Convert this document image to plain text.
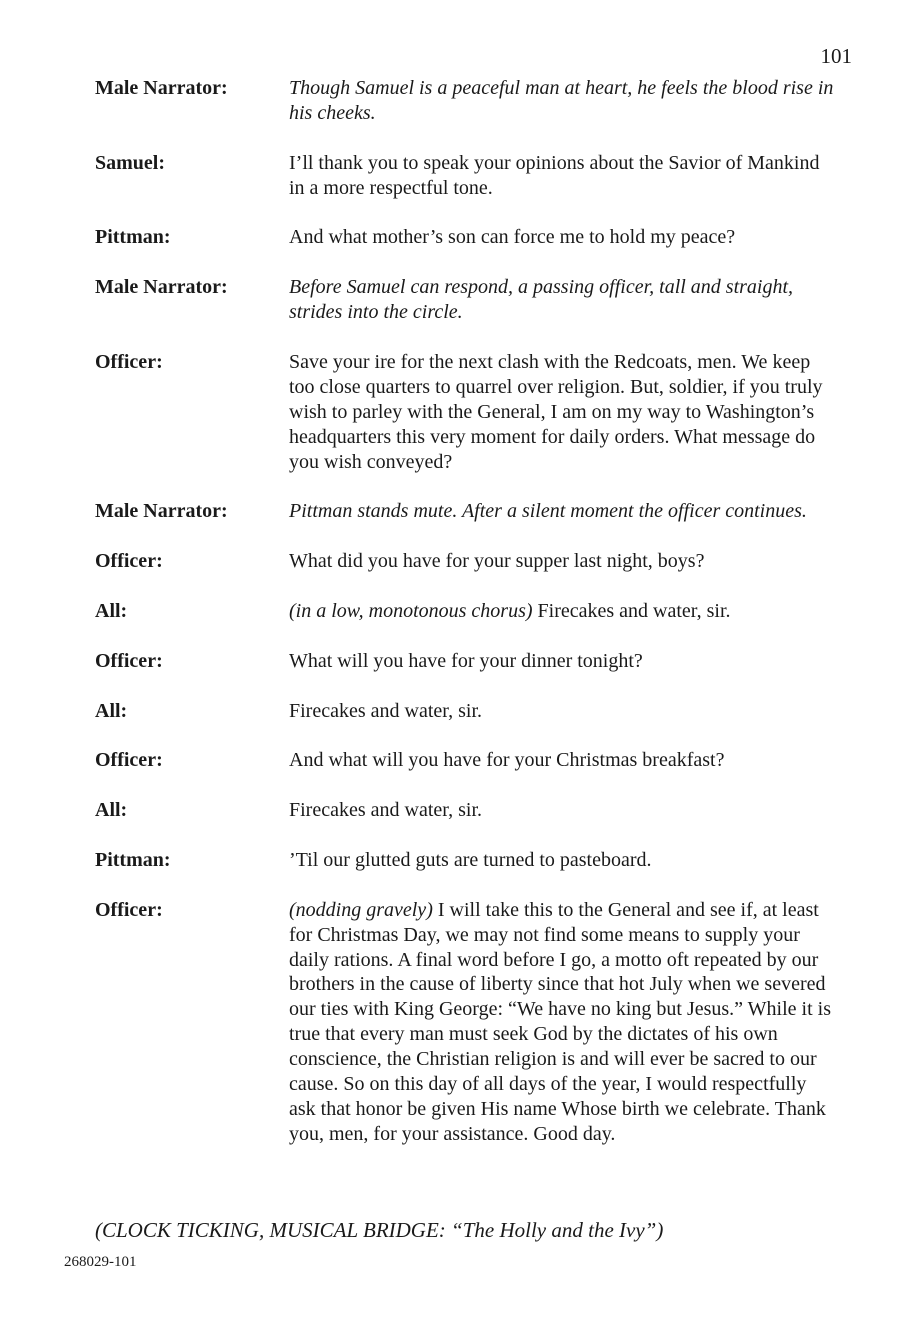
101
Male Narrator:	Though Samuel is a peaceful man at heart, he feels the blood rise in his cheeks.
Samuel:	I’ll thank you to speak your opinions about the Savior of Mankind in a more respectful tone.
Pittman:	And what mother’s son can force me to hold my peace?
Male Narrator:	Before Samuel can respond, a passing officer, tall and straight, strides into the circle.
Officer:	Save your ire for the next clash with the Redcoats, men. We keep too close quarters to quarrel over religion. But, soldier, if you truly wish to parley with the General, I am on my way to Washington’s headquarters this very moment for daily orders. What message do you wish conveyed?
Male Narrator:	Pittman stands mute. After a silent moment the officer continues.
Officer:	What did you have for your supper last night, boys?
All:	(in a low, monotonous chorus) Firecakes and water, sir.
Officer:	What will you have for your dinner tonight?
All:	Firecakes and water, sir.
Officer:	And what will you have for your Christmas breakfast?
All:	Firecakes and water, sir.
Pittman:	’Til our glutted guts are turned to pasteboard.
Officer:	(nodding gravely) I will take this to the General and see if, at least for Christmas Day, we may not find some means to supply your daily rations. A final word before I go, a motto oft repeated by our brothers in the cause of liberty since that hot July when we severed our ties with King George: “We have no king but Jesus.” While it is true that every man must seek God by the dictates of his own conscience, the Christian religion is and will ever be sacred to our cause. So on this day of all days of the year, I would respectfully ask that honor be given His name Whose birth we celebrate. Thank you, men, for your assistance. Good day.
(CLOCK TICKING, MUSICAL BRIDGE: “The Holly and the Ivy”)
268029-101
